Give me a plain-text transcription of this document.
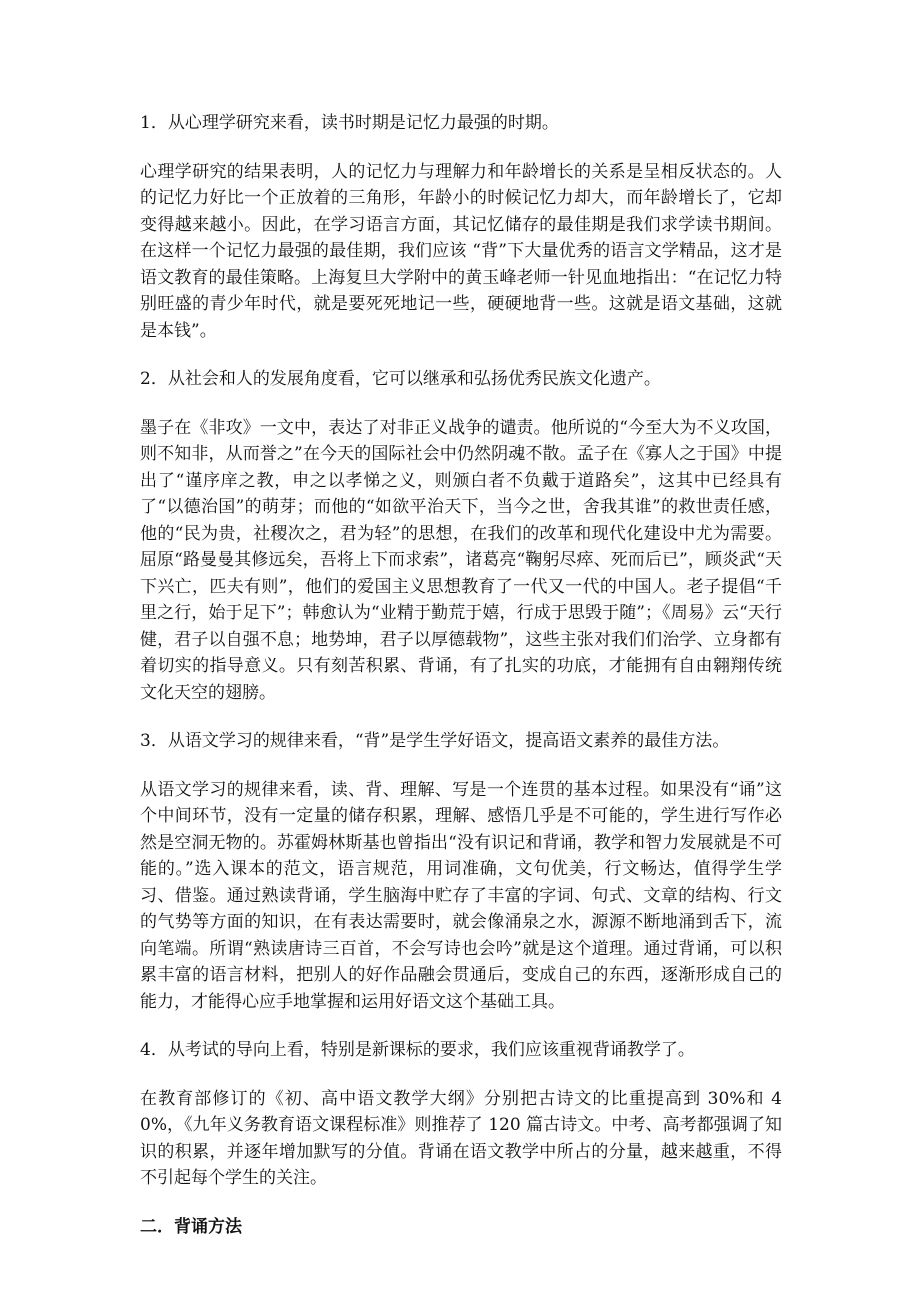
1．从心理学研究来看，读书时期是记忆力最强的时期。
心理学研究的结果表明，人的记忆力与理解力和年龄增长的关系是呈相反状态的。人的记忆力好比一个正放着的三角形，年龄小的时候记忆力却大，而年龄增长了，它却变得越来越小。因此，在学习语言方面，其记忆储存的最佳期是我们求学读书期间。在这样一个记忆力最强的最佳期，我们应该 “背”下大量优秀的语言文学精品，这才是语文教育的最佳策略。上海复旦大学附中的黄玉峰老师一针见血地指出：“在记忆力特别旺盛的青少年时代，就是要死死地记一些，硬硬地背一些。这就是语文基础，这就是本钱”。
2．从社会和人的发展角度看，它可以继承和弘扬优秀民族文化遗产。
墨子在《非攻》一文中，表达了对非正义战争的谴责。他所说的“今至大为不义攻国，则不知非，从而誉之”在今天的国际社会中仍然阴魂不散。孟子在《寡人之于国》中提出了“谨序庠之教，申之以孝悌之义，则颁白者不负戴于道路矣”，这其中已经具有了“以德治国”的萌芽；而他的“如欲平治天下，当今之世，舍我其谁”的救世责任感，他的“民为贵，社稷次之，君为轻”的思想，在我们的改革和现代化建设中尤为需要。屈原“路曼曼其修远矣，吾将上下而求索”，诸葛亮“鞠躬尽瘁、死而后已”，顾炎武“天下兴亡，匹夫有则”，他们的爱国主义思想教育了一代又一代的中国人。老子提倡“千里之行，始于足下”；韩愈认为“业精于勤荒于嬉，行成于思毁于随”；《周易》云“天行健，君子以自强不息；地势坤，君子以厚德载物”，这些主张对我们们治学、立身都有着切实的指导意义。只有刻苦积累、背诵，有了扎实的功底，才能拥有自由翱翔传统文化天空的翅膀。
3．从语文学习的规律来看，“背”是学生学好语文，提高语文素养的最佳方法。
从语文学习的规律来看，读、背、理解、写是一个连贯的基本过程。如果没有“诵”这个中间环节，没有一定量的储存积累，理解、感悟几乎是不可能的，学生进行写作必然是空洞无物的。苏霍姆林斯基也曾指出“没有识记和背诵，教学和智力发展就是不可能的。”选入课本的范文，语言规范，用词准确，文句优美，行文畅达，值得学生学习、借鉴。通过熟读背诵，学生脑海中贮存了丰富的字词、句式、文章的结构、行文的气势等方面的知识，在有表达需要时，就会像涌泉之水，源源不断地涌到舌下，流向笔端。所谓“熟读唐诗三百首，不会写诗也会吟”就是这个道理。通过背诵，可以积累丰富的语言材料，把别人的好作品融会贯通后，变成自己的东西，逐渐形成自己的能力，才能得心应手地掌握和运用好语文这个基础工具。
4．从考试的导向上看，特别是新课标的要求，我们应该重视背诵教学了。
在教育部修订的《初、高中语文教学大纲》分别把古诗文的比重提高到 30%和 40%，《九年义务教育语文课程标准》则推荐了 120 篇古诗文。中考、高考都强调了知识的积累，并逐年增加默写的分值。背诵在语文教学中所占的分量，越来越重，不得不引起每个学生的关注。
二．背诵方法
